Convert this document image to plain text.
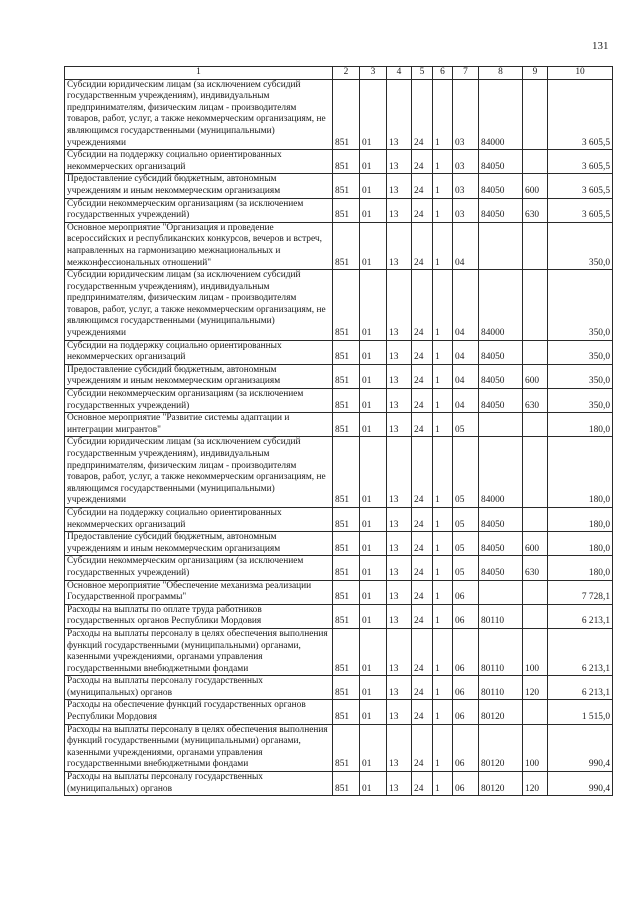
131
1	2	3	4	5	6	7	8	9	10
Субсидии юридическим лицам (за исключением субсидий государственным учреждениям), индивидуальным предпринимателям, физическим лицам - производителям товаров, работ, услуг, а также некоммерческим организациям, не являющимся государственными (муниципальными) учреждениями	851	01	13	24	1	03	84000		3 605,5
Субсидии на поддержку социально ориентированных некоммерческих организаций	851	01	13	24	1	03	84050		3 605,5
Предоставление субсидий бюджетным, автономным учреждениям и иным некоммерческим организациям	851	01	13	24	1	03	84050	600	3 605,5
Субсидии некоммерческим организациям (за исключением государственных учреждений)	851	01	13	24	1	03	84050	630	3 605,5
Основное мероприятие "Организация и проведение всероссийских и республиканских конкурсов, вечеров и встреч, направленных на гармонизацию межнациональных и межконфессиональных отношений"	851	01	13	24	1	04			350,0
Субсидии юридическим лицам (за исключением субсидий государственным учреждениям), индивидуальным предпринимателям, физическим лицам - производителям товаров, работ, услуг, а также некоммерческим организациям, не являющимся государственными (муниципальными) учреждениями	851	01	13	24	1	04	84000		350,0
Субсидии на поддержку социально ориентированных некоммерческих организаций	851	01	13	24	1	04	84050		350,0
Предоставление субсидий бюджетным, автономным учреждениям и иным некоммерческим организациям	851	01	13	24	1	04	84050	600	350,0
Субсидии некоммерческим организациям (за исключением государственных учреждений)	851	01	13	24	1	04	84050	630	350,0
Основное мероприятие "Развитие системы адаптации и интеграции мигрантов"	851	01	13	24	1	05			180,0
Субсидии юридическим лицам (за исключением субсидий государственным учреждениям), индивидуальным предпринимателям, физическим лицам - производителям товаров, работ, услуг, а также некоммерческим организациям, не являющимся государственными (муниципальными) учреждениями	851	01	13	24	1	05	84000		180,0
Субсидии на поддержку социально ориентированных некоммерческих организаций	851	01	13	24	1	05	84050		180,0
Предоставление субсидий бюджетным, автономным учреждениям и иным некоммерческим организациям	851	01	13	24	1	05	84050	600	180,0
Субсидии некоммерческим организациям (за исключением государственных учреждений)	851	01	13	24	1	05	84050	630	180,0
Основное мероприятие "Обеспечение механизма реализации Государственной программы"	851	01	13	24	1	06			7 728,1
Расходы на выплаты по оплате труда работников государственных органов Республики Мордовия	851	01	13	24	1	06	80110		6 213,1
Расходы на выплаты персоналу в целях обеспечения выполнения функций государственными (муниципальными) органами, казенными учреждениями, органами управления государственными внебюджетными фондами	851	01	13	24	1	06	80110	100	6 213,1
Расходы на выплаты персоналу государственных (муниципальных) органов	851	01	13	24	1	06	80110	120	6 213,1
Расходы на обеспечение функций государственных органов Республики Мордовия	851	01	13	24	1	06	80120		1 515,0
Расходы на выплаты персоналу в целях обеспечения выполнения функций государственными (муниципальными) органами, казенными учреждениями, органами управления государственными внебюджетными фондами	851	01	13	24	1	06	80120	100	990,4
Расходы на выплаты персоналу государственных (муниципальных) органов	851	01	13	24	1	06	80120	120	990,4
